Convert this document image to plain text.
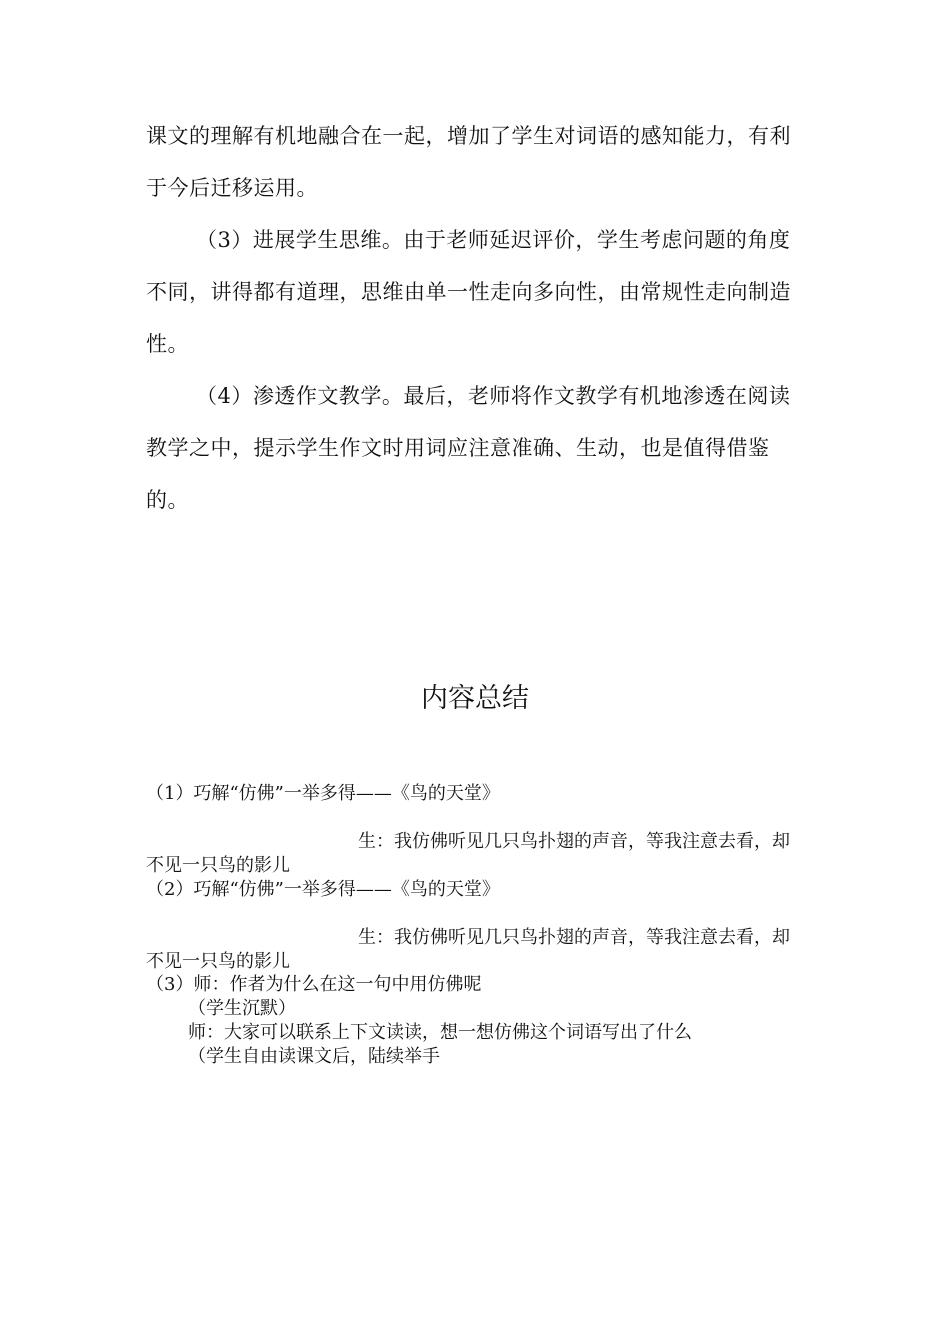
课文的理解有机地融合在一起，增加了学生对词语的感知能力，有利于今后迁移运用。

（3）进展学生思维。由于老师延迟评价，学生考虑问题的角度不同，讲得都有道理，思维由单一性走向多向性，由常规性走向制造性。

（4）渗透作文教学。最后，老师将作文教学有机地渗透在阅读教学之中，提示学生作文时用词应注意准确、生动，也是值得借鉴的。

内容总结

（1）巧解“仿佛”一举多得——《鸟的天堂》

生：我仿佛听见几只鸟扑翅的声音，等我注意去看，却不见一只鸟的影儿

（2）巧解“仿佛”一举多得——《鸟的天堂》

生：我仿佛听见几只鸟扑翅的声音，等我注意去看，却不见一只鸟的影儿

（3）师：作者为什么在这一句中用仿佛呢

（学生沉默）

师：大家可以联系上下文读读，想一想仿佛这个词语写出了什么

（学生自由读课文后，陆续举手
